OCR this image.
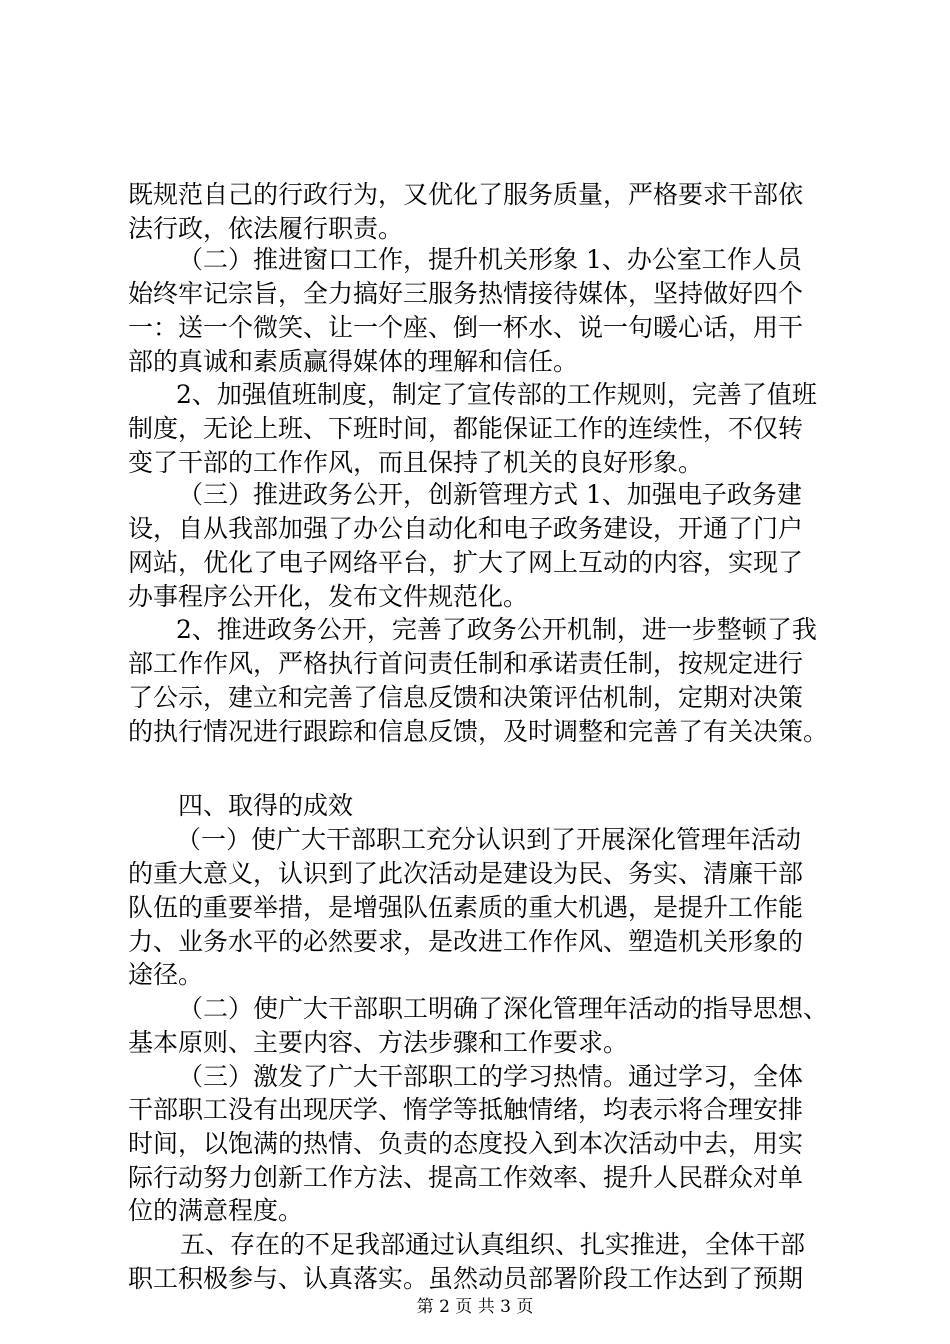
既规范自己的行政行为，又优化了服务质量，严格要求干部依

法行政，依法履行职责。

（二）推进窗口工作，提升机关形象 1、办公室工作人员

始终牢记宗旨，全力搞好三服务热情接待媒体，坚持做好四个

一：送一个微笑、让一个座、倒一杯水、说一句暖心话，用干

部的真诚和素质赢得媒体的理解和信任。

2、加强值班制度，制定了宣传部的工作规则，完善了值班

制度，无论上班、下班时间，都能保证工作的连续性，不仅转

变了干部的工作作风，而且保持了机关的良好形象。

（三）推进政务公开，创新管理方式 1、加强电子政务建

设，自从我部加强了办公自动化和电子政务建设，开通了门户

网站，优化了电子网络平台，扩大了网上互动的内容，实现了

办事程序公开化，发布文件规范化。

2、推进政务公开，完善了政务公开机制，进一步整顿了我

部工作作风，严格执行首问责任制和承诺责任制，按规定进行

了公示，建立和完善了信息反馈和决策评估机制，定期对决策

的执行情况进行跟踪和信息反馈，及时调整和完善了有关决策。

四、取得的成效

（一）使广大干部职工充分认识到了开展深化管理年活动

的重大意义，认识到了此次活动是建设为民、务实、清廉干部

队伍的重要举措，是增强队伍素质的重大机遇，是提升工作能

力、业务水平的必然要求，是改进工作作风、塑造机关形象的

途径。

（二）使广大干部职工明确了深化管理年活动的指导思想、

基本原则、主要内容、方法步骤和工作要求。

（三）激发了广大干部职工的学习热情。通过学习，全体

干部职工没有出现厌学、惰学等抵触情绪，均表示将合理安排

时间，以饱满的热情、负责的态度投入到本次活动中去，用实

际行动努力创新工作方法、提高工作效率、提升人民群众对单

位的满意程度。

五、存在的不足我部通过认真组织、扎实推进，全体干部

职工积极参与、认真落实。虽然动员部署阶段工作达到了预期

第 2 页 共 3 页
